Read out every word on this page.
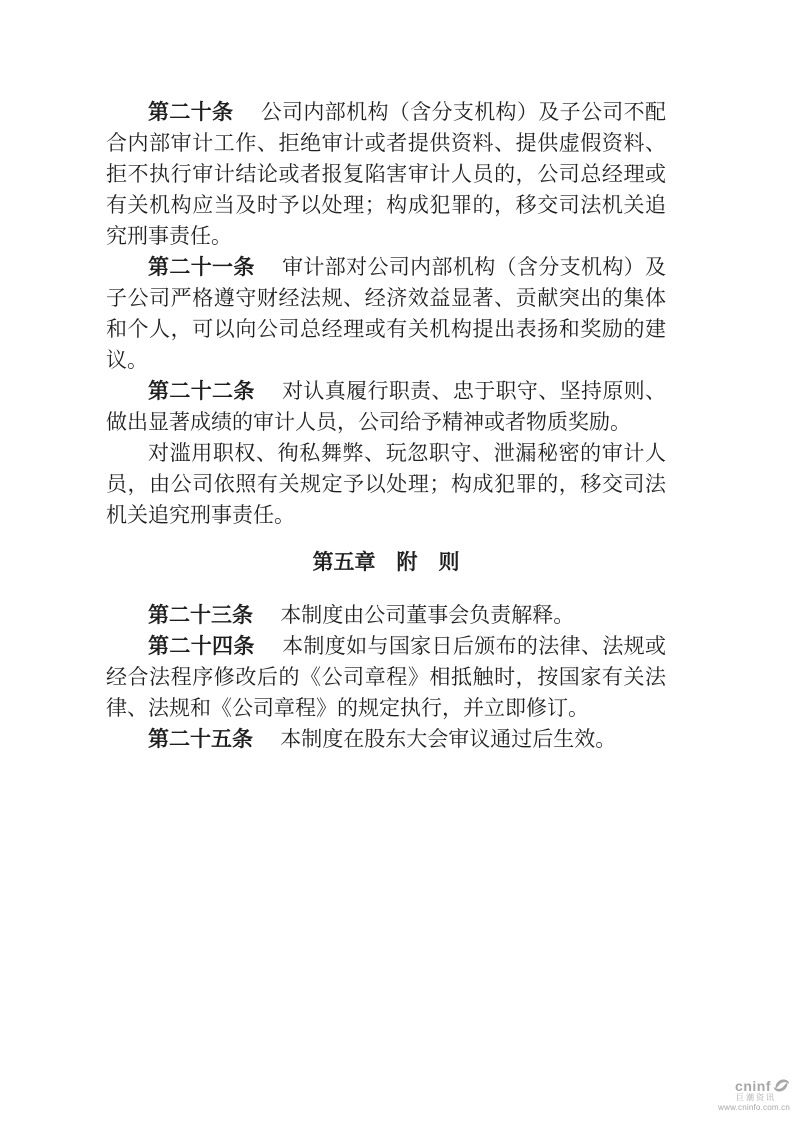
第二十条 公司内部机构（含分支机构）及子公司不配合内部审计工作、拒绝审计或者提供资料、提供虚假资料、拒不执行审计结论或者报复陷害审计人员的，公司总经理或有关机构应当及时予以处理；构成犯罪的，移交司法机关追究刑事责任。

第二十一条 审计部对公司内部机构（含分支机构）及子公司严格遵守财经法规、经济效益显著、贡献突出的集体和个人，可以向公司总经理或有关机构提出表扬和奖励的建议。

第二十二条 对认真履行职责、忠于职守、坚持原则、做出显著成绩的审计人员，公司给予精神或者物质奖励。

对滥用职权、徇私舞弊、玩忽职守、泄漏秘密的审计人员，由公司依照有关规定予以处理；构成犯罪的，移交司法机关追究刑事责任。

第五章　附　则

第二十三条 本制度由公司董事会负责解释。

第二十四条 本制度如与国家日后颁布的法律、法规或经合法程序修改后的《公司章程》相抵触时，按国家有关法律、法规和《公司章程》的规定执行，并立即修订。

第二十五条 本制度在股东大会审议通过后生效。

cninf
巨潮资讯
www.cninfo.com.cn
